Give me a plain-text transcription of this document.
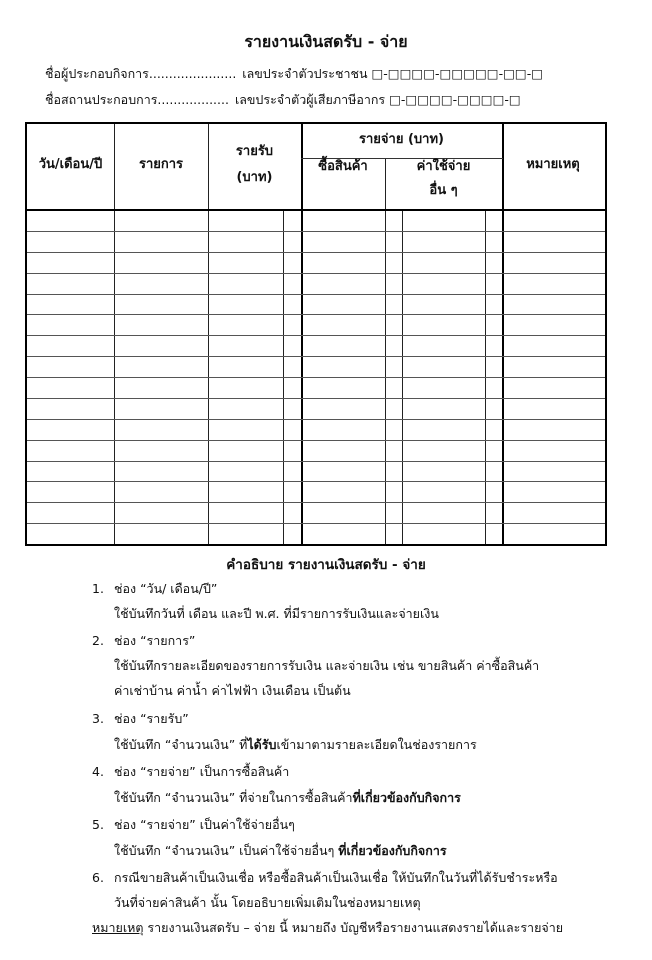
รายงานเงินสดรับ - จ่าย
ชื่อผู้ประกอบกิจการ...................... เลขประจำตัวประชาชน □-□□□□-□□□□□-□□-□
ชื่อสถานประกอบการ.................. เลขประจำตัวผู้เสียภาษีอากร □-□□□□-□□□□-□
วัน/เดือน/ปี	รายการ
รายรับ
(บาท)
รายจ่าย (บาท)
ซื้อสินค้า	ค่าใช้จ่าย
อื่น ๆ
หมายเหตุ
คำอธิบาย รายงานเงินสดรับ - จ่าย
1. ช่อง “วัน/ เดือน/ปี”
ใช้บันทึกวันที่ เดือน และปี พ.ศ. ที่มีรายการรับเงินและจ่ายเงิน
2. ช่อง “รายการ”
ใช้บันทึกรายละเอียดของรายการรับเงิน และจ่ายเงิน เช่น ขายสินค้า ค่าซื้อสินค้า
ค่าเช่าบ้าน ค่าน้ำ ค่าไฟฟ้า เงินเดือน เป็นต้น
3. ช่อง “รายรับ”
ใช้บันทึก “จำนวนเงิน” ที่ได้รับเข้ามาตามรายละเอียดในช่องรายการ
4. ช่อง “รายจ่าย” เป็นการซื้อสินค้า
ใช้บันทึก “จำนวนเงิน” ที่จ่ายในการซื้อสินค้าที่เกี่ยวข้องกับกิจการ
5. ช่อง “รายจ่าย” เป็นค่าใช้จ่ายอื่นๆ
ใช้บันทึก “จำนวนเงิน” เป็นค่าใช้จ่ายอื่นๆ ที่เกี่ยวข้องกับกิจการ
6. กรณีขายสินค้าเป็นเงินเชื่อ หรือซื้อสินค้าเป็นเงินเชื่อ ให้บันทึกในวันที่ได้รับชำระหรือ
วันที่จ่ายค่าสินค้า นั้น โดยอธิบายเพิ่มเติมในช่องหมายเหตุ
หมายเหตุ รายงานเงินสดรับ – จ่าย นี้ หมายถึง บัญชีหรือรายงานแสดงรายได้และรายจ่าย
